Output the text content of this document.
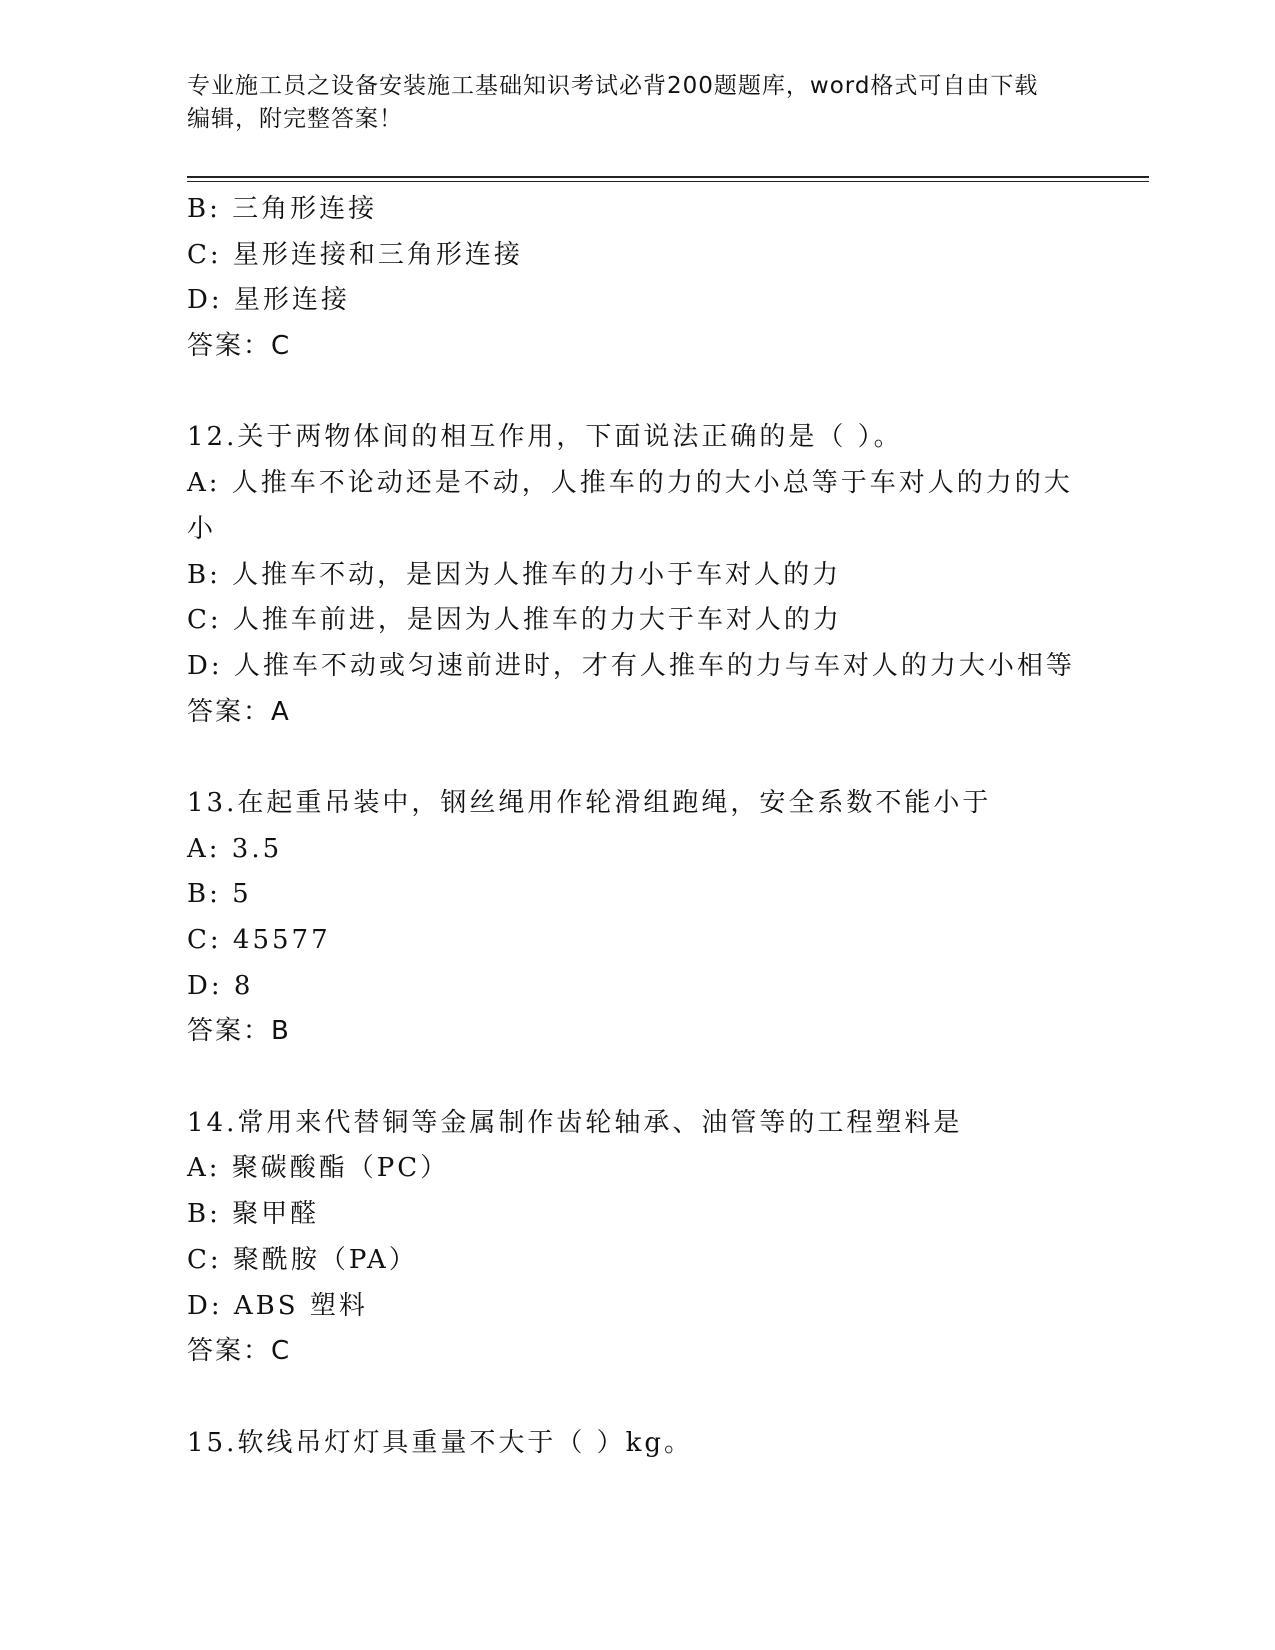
专业施工员之设备安装施工基础知识考试必背200题题库，word格式可自由下载
编辑，附完整答案！
B: 三角形连接
C: 星形连接和三角形连接
D: 星形连接
答案：C
12.关于两物体间的相互作用，下面说法正确的是（ ）。
A: 人推车不论动还是不动，人推车的力的大小总等于车对人的力的大
小
B: 人推车不动，是因为人推车的力小于车对人的力
C: 人推车前进，是因为人推车的力大于车对人的力
D: 人推车不动或匀速前进时，才有人推车的力与车对人的力大小相等
答案：A
13.在起重吊装中，钢丝绳用作轮滑组跑绳，安全系数不能小于
A: 3.5
B: 5
C: 45577
D: 8
答案：B
14.常用来代替铜等金属制作齿轮轴承、油管等的工程塑料是
A: 聚碳酸酯（PC）
B: 聚甲醛
C: 聚酰胺（PA）
D: ABS 塑料
答案：C
15.软线吊灯灯具重量不大于（ ）kg。
